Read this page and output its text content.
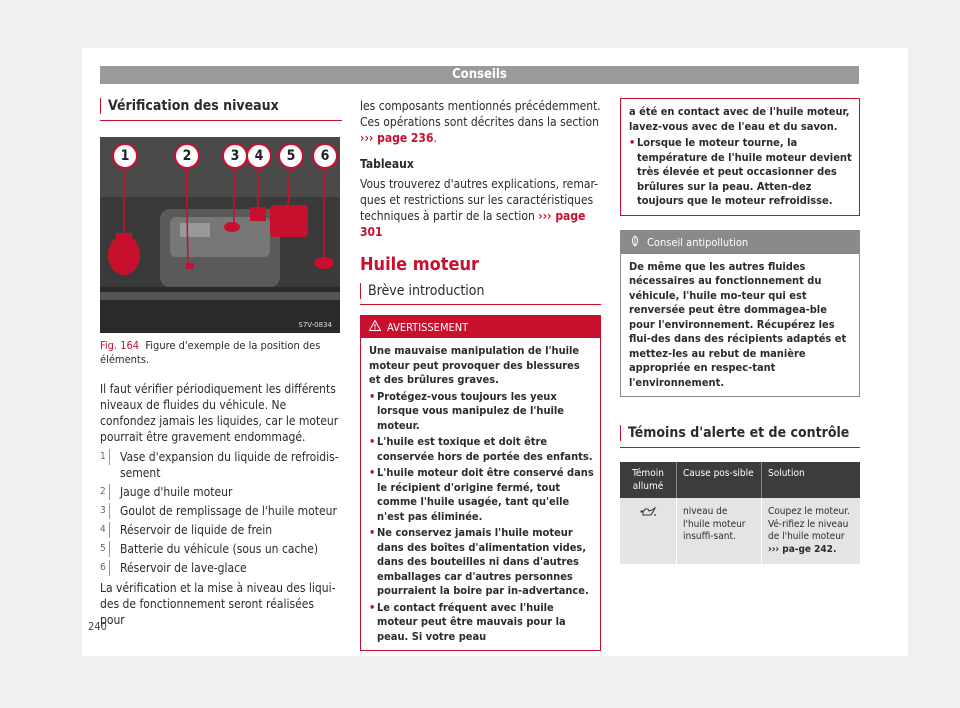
Conseils
Vérification des niveaux
S7V-0834
1	2	3	4	5	6
Fig. 164 Figure d'exemple de la position des éléments.

Il faut vérifier périodiquement les différents niveaux de fluides du véhicule. Ne confondez jamais les liquides, car le moteur pourrait être gravement endommagé.

1	Vase d'expansion du liquide de refroidis-sement
2	Jauge d'huile moteur
3	Goulot de remplissage de l'huile moteur
4	Réservoir de liquide de frein
5	Batterie du véhicule (sous un cache)
6	Réservoir de lave-glace

La vérification et la mise à niveau des liqui-des de fonctionnement seront réalisées pour

les composants mentionnés précédemment. Ces opérations sont décrites dans la section ››› page 236.

Tableaux

Vous trouverez d'autres explications, remar-ques et restrictions sur les caractéristiques techniques à partir de la section ››› page 301

Huile moteur
Brève introduction
AVERTISSEMENT
Une mauvaise manipulation de l'huile moteur peut provoquer des blessures et des brûlures graves.
• Protégez-vous toujours les yeux lorsque vous manipulez de l'huile moteur.
• L'huile est toxique et doit être conservée hors de portée des enfants.
• L'huile moteur doit être conservé dans le récipient d'origine fermé, tout comme l'huile usagée, tant qu'elle n'est pas éliminée.
• Ne conservez jamais l'huile moteur dans des boîtes d'alimentation vides, dans des bouteilles ni dans d'autres emballages car d'autres personnes pourraient la boire par in-advertance.
• Le contact fréquent avec l'huile moteur peut être mauvais pour la peau. Si votre peau
a été en contact avec de l'huile moteur, lavez-vous avec de l'eau et du savon.
• Lorsque le moteur tourne, la température de l'huile moteur devient très élevée et peut occasionner des brûlures sur la peau. Atten-dez toujours que le moteur refroidisse.
Conseil antipollution
De même que les autres fluides nécessaires au fonctionnement du véhicule, l'huile mo-teur qui est renversée peut être dommagea-ble pour l'environnement. Récupérez les flui-des dans des récipients adaptés et mettez-les au rebut de manière appropriée en respec-tant l'environnement.
Témoins d'alerte et de contrôle
Témoin allumé	Cause pos-sible	Solution
	niveau de l'huile moteur insuffi-sant.	Coupez le moteur. Vé-rifiez le niveau de l'huile moteur ››› pa-ge 242.
240
